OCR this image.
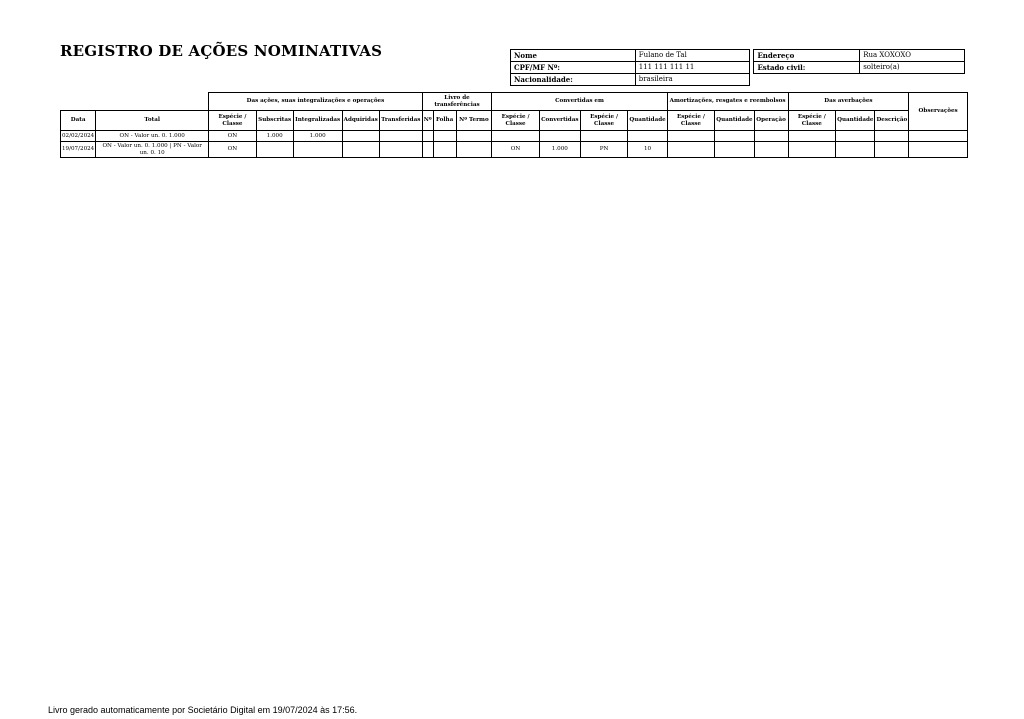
REGISTRO DE AÇÕES NOMINATIVAS	Nome	Fulano de Tal		Endereço	Rua XOXOXO
CPF/MF Nº:	111 111 111 11		Estado civil:	solteiro(a)
Nacionalidade:	brasileira			
		Das ações, suas integralizações e operações					Livro de transferências			Convertidas em				Amortizações, resgates e reembolsos			Das averbações			Observações
Data	Total	Espécie / Classe	Subscritas	Integralizadas	Adquiridas	Transferidas	Nº	Folha	Nº Termo	Espécie / Classe	Convertidas	Espécie / Classe	Quantidade	Espécie / Classe	Quantidade	Operação	Espécie / Classe	Quantidade	Descrição	
02/02/2024	ON - Valor un. 0. 1.000	ON	1.000	1.000																
19/07/2024	ON - Valor un. 0. 1.000 | PN - Valor un. 0. 10	ON								ON	1.000	PN	10							

Livro gerado automaticamente por Societário Digital em 19/07/2024 às 17:56.
